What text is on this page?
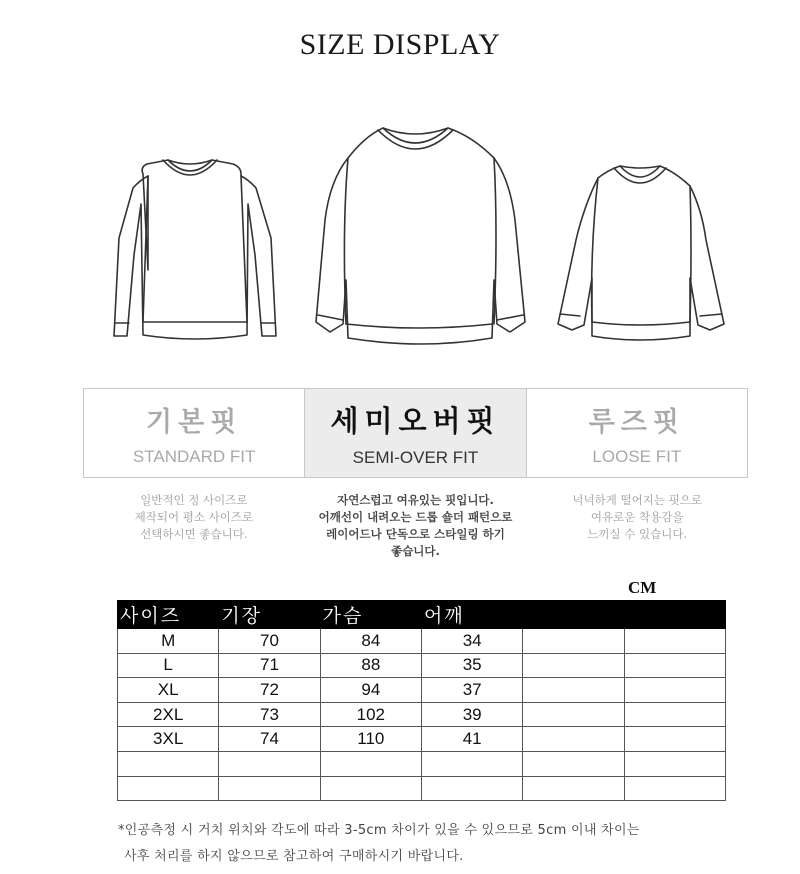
SIZE DISPLAY
기본핏
STANDARD FIT
세미오버핏
SEMI-OVER FIT
루즈핏
LOOSE FIT
일반적인 정 사이즈로
제작되어 평소 사이즈로
선택하시면 좋습니다.
자연스럽고 여유있는 핏입니다.
어깨선이 내려오는 드롭 숄더 패턴으로
레이어드나 단독으로 스타일링 하기
좋습니다.
넉넉하게 떨어지는 핏으로
여유로운 착용감을
느끼실 수 있습니다.
CM
사이즈	기장	가슴	어깨		
M	70	84	34		
L	71	88	35		
XL	72	94	37		
2XL	73	102	39		
3XL	74	110	41		

*인공측정 시 거치 위치와 각도에 따라 3-5cm 차이가 있을 수 있으므로 5cm 이내 차이는
사후 처리를 하지 않으므로 참고하여 구매하시기 바랍니다.
